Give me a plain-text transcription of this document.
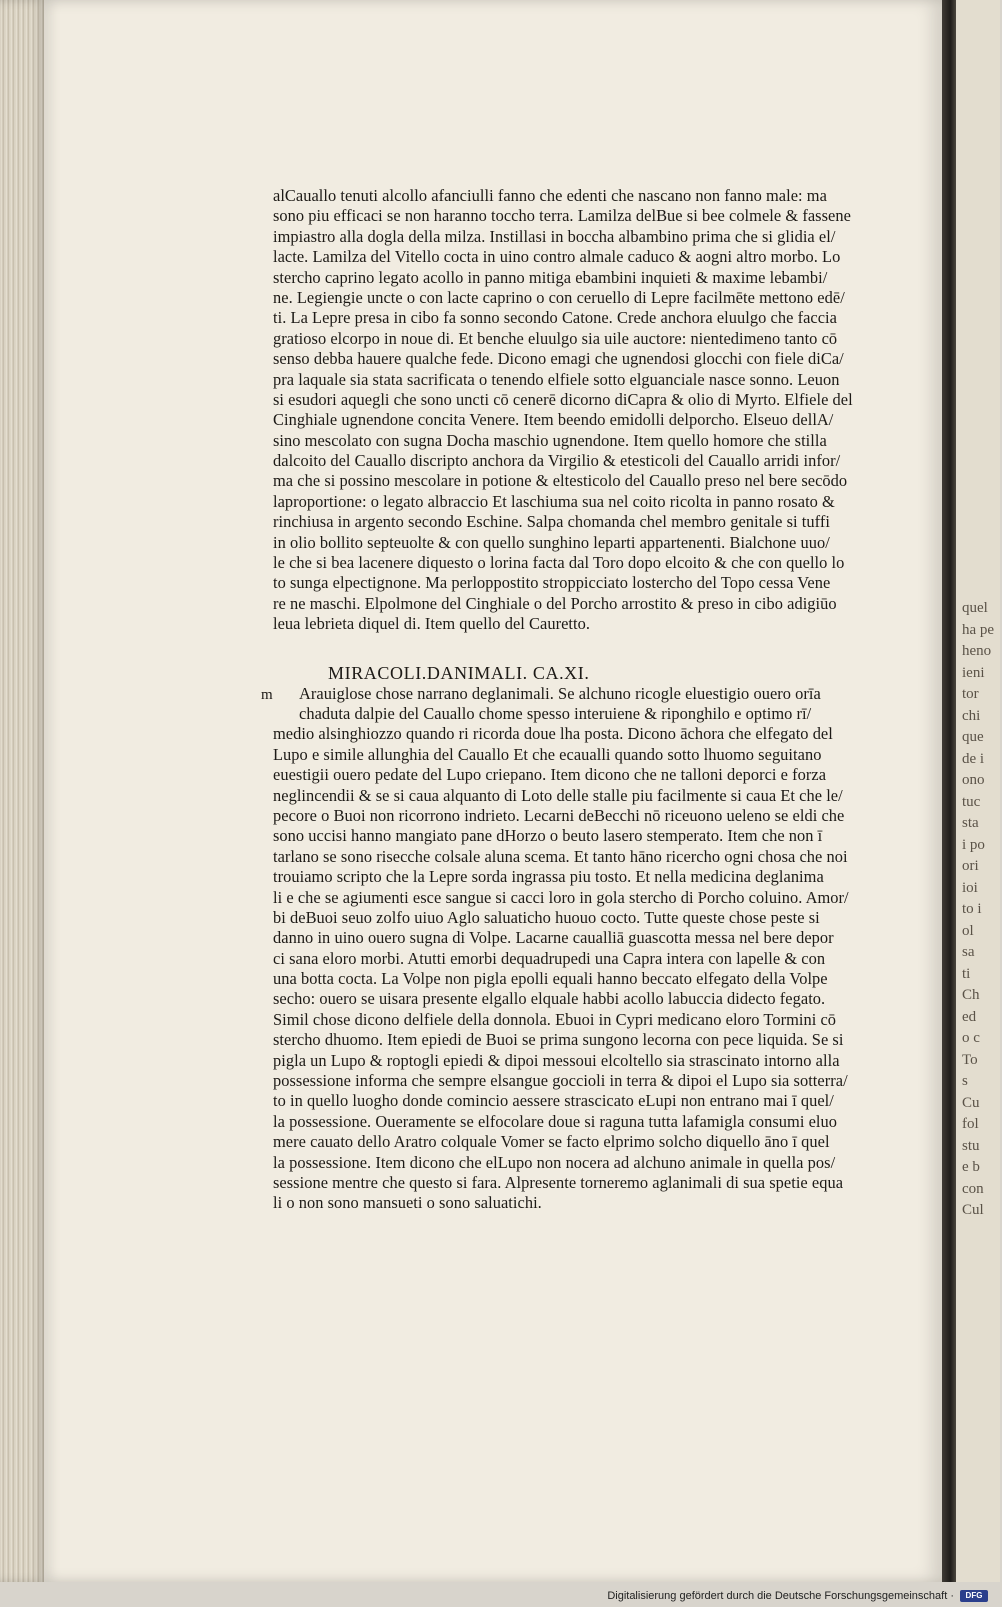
quel
ha pe
heno
ieni
tor
chi
que
de i
ono
tuc
sta
i po
ori
ioi
to i
ol
sa
ti
Ch
ed
o c
To
s
Cu
fol
stu
e b
con
Cul
alCauallo tenuti alcollo afanciulli fanno che edenti che nascano non fanno male: ma
sono piu efficaci se non haranno toccho terra. Lamilza delBue si bee colmele & fassene
impiastro alla dogla della milza. Instillasi in boccha albambino prima che si glidia el/
lacte. Lamilza del Vitello cocta in uino contro almale caduco & aogni altro morbo. Lo
stercho caprino legato acollo in panno mitiga ebambini inquieti & maxime lebambi/
ne. Legiengie uncte o con lacte caprino o con ceruello di Lepre facilmēte mettono edē/
ti. La Lepre presa in cibo fa sonno secondo Catone. Crede anchora eluulgo che faccia
gratioso elcorpo in noue di. Et benche eluulgo sia uile auctore: nientedimeno tanto cō
senso debba hauere qualche fede. Dicono emagi che ugnendosi glocchi con fiele diCa/
pra laquale sia stata sacrificata o tenendo elfiele sotto elguanciale nasce sonno. Leuon
si esudori aquegli che sono uncti cō cenerē dicorno diCapra & olio di Myrto. Elfiele del
Cinghiale ugnendone concita Venere. Item beendo emidolli delporcho. Elseuo dellA/
sino mescolato con sugna Docha maschio ugnendone. Item quello homore che stilla
dalcoito del Cauallo discripto anchora da Virgilio & etesticoli del Cauallo arridi infor/
ma che si possino mescolare in potione & eltesticolo del Cauallo preso nel bere secōdo
laproportione: o legato albraccio Et laschiuma sua nel coito ricolta in panno rosato &
rinchiusa in argento secondo Eschine. Salpa chomanda chel membro genitale si tuffi
in olio bollito septeuolte & con quello sunghino leparti appartenenti. Bialchone uuo/
le che si bea lacenere diquesto o lorina facta dal Toro dopo elcoito & che con quello lo
to sunga elpectignone. Ma perloppostito stroppicciato lostercho del Topo cessa Vene
re ne maschi. Elpolmone del Cinghiale o del Porcho arrostito & preso in cibo adigiūo
leua lebrieta diquel di. Item quello del Cauretto.
MIRACOLI.DANIMALI. CA.XI.
m Arauiglose chose narrano deglanimali. Se alchuno ricogle eluestigio ouero orīa
chaduta dalpie del Cauallo chome spesso interuiene & riponghilo e optimo rī/
medio alsinghiozzo quando ri ricorda doue lha posta. Dicono āchora che elfegato del
Lupo e simile allunghia del Cauallo Et che ecaualli quando sotto lhuomo seguitano
euestigii ouero pedate del Lupo criepano. Item dicono che ne talloni deporci e forza
neglincendii & se si caua alquanto di Loto delle stalle piu facilmente si caua Et che le/
pecore o Buoi non ricorrono indrieto. Lecarni deBecchi nō riceuono ueleno se eldi che
sono uccisi hanno mangiato pane dHorzo o beuto lasero stemperato. Item che non ī
tarlano se sono risecche colsale aluna scema. Et tanto hāno ricercho ogni chosa che noi
trouiamo scripto che la Lepre sorda ingrassa piu tosto. Et nella medicina deglanima
li e che se agiumenti esce sangue si cacci loro in gola stercho di Porcho coluino. Amor/
bi deBuoi seuo zolfo uiuo Aglo saluaticho huouo cocto. Tutte queste chose peste si
danno in uino ouero sugna di Volpe. Lacarne caualliā guascotta messa nel bere depor
ci sana eloro morbi. Atutti emorbi dequadrupedi una Capra intera con lapelle & con
una botta cocta. La Volpe non pigla epolli equali hanno beccato elfegato della Volpe
secho: ouero se uisara presente elgallo elquale habbi acollo labuccia didecto fegato.
Simil chose dicono delfiele della donnola. Ebuoi in Cypri medicano eloro Tormini cō
stercho dhuomo. Item epiedi de Buoi se prima sungono lecorna con pece liquida. Se si
pigla un Lupo & roptogli epiedi & dipoi messoui elcoltello sia strascinato intorno alla
possessione informa che sempre elsangue gocciolі in terra & dipoi el Lupo sia sotterra/
to in quello luogho donde comincio aessere strascicato eLupi non entrano mai ī quel/
la possessione. Oueramente se elfocolare doue si raguna tutta lafamigla consumi eluo
mere cauato dello Aratro colquale Vomer se facto elprimo solcho diquello āno ī quel
la possessione. Item dicono che elLupo non nocera ad alchuno animale in quella pos/
sessione mentre che questo si fara. Alpresente torneremo aglanimali di sua spetie equa
li o non sono mansueti o sono saluatichi.
Digitalisierung gefördert durch die Deutsche Forschungsgemeinschaft ·	DFG
